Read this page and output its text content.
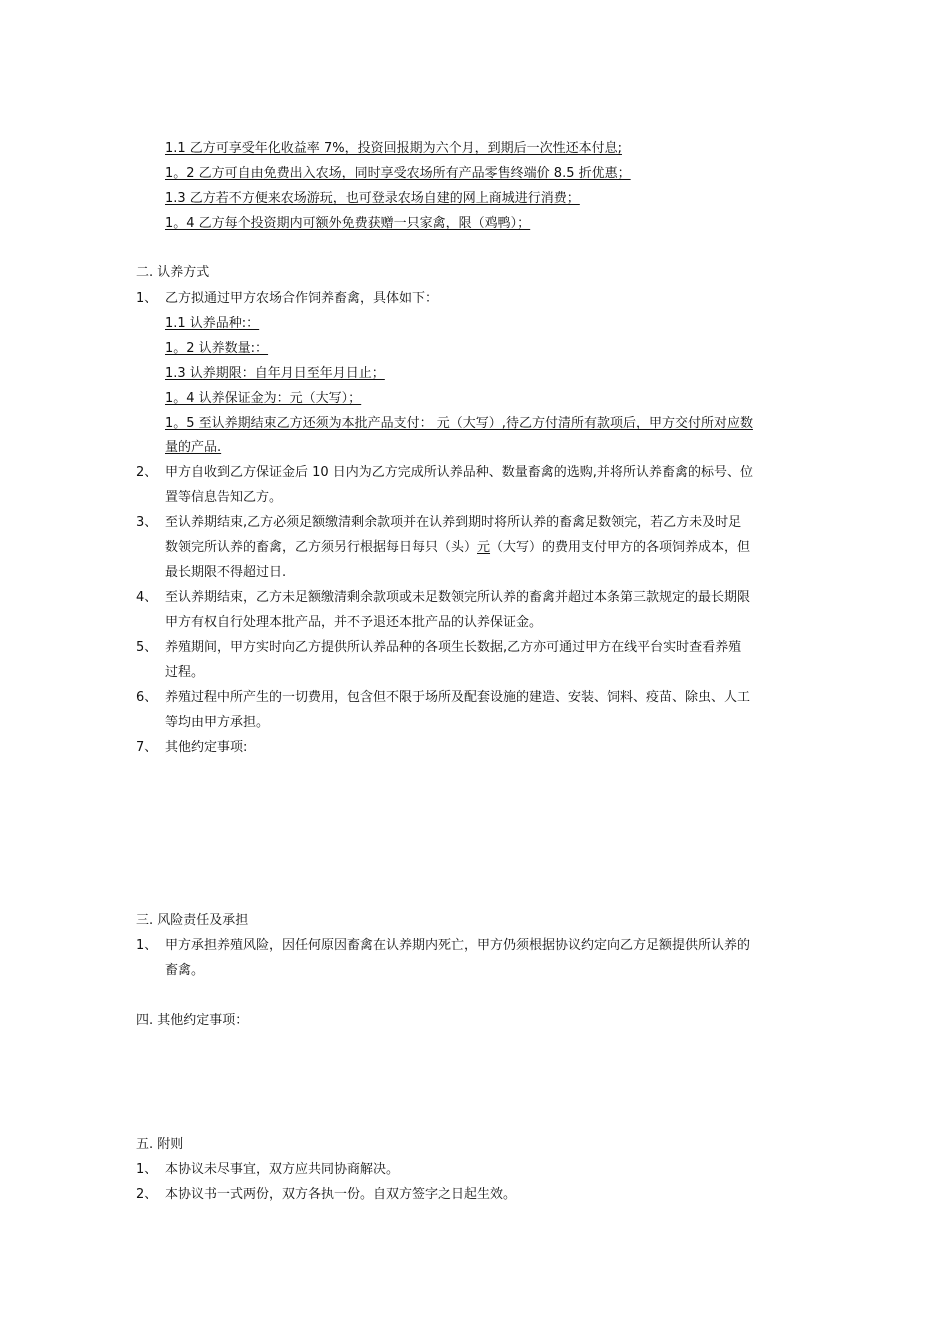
1.1 乙方可享受年化收益率 7%，投资回报期为六个月，到期后一次性还本付息;
1。2 乙方可自由免费出入农场，同时享受农场所有产品零售终端价 8.5 折优惠；
1.3 乙方若不方便来农场游玩，也可登录农场自建的网上商城进行消费；
1。4 乙方每个投资期内可额外免费获赠一只家禽，限（鸡鸭）；
二. 认养方式
1、 乙方拟通过甲方农场合作饲养畜禽，具体如下：
1.1 认养品种:：
1。2 认养数量:：
1.3 认养期限：自年月日至年月日止；
1。4 认养保证金为：元（大写）；
1。5 至认养期结束乙方还须为本批产品支付： 元（大写）,待乙方付清所有款项后，甲方交付所对应数
量的产品.
2、 甲方自收到乙方保证金后 10 日内为乙方完成所认养品种、数量畜禽的选购,并将所认养畜禽的标号、位
置等信息告知乙方。
3、 至认养期结束,乙方必须足额缴清剩余款项并在认养到期时将所认养的畜禽足数领完，若乙方未及时足
数领完所认养的畜禽，乙方须另行根据每日每只（头）元（大写）的费用支付甲方的各项饲养成本，但
最长期限不得超过日.
4、 至认养期结束，乙方未足额缴清剩余款项或未足数领完所认养的畜禽并超过本条第三款规定的最长期限
甲方有权自行处理本批产品，并不予退还本批产品的认养保证金。
5、 养殖期间，甲方实时向乙方提供所认养品种的各项生长数据,乙方亦可通过甲方在线平台实时查看养殖
过程。
6、 养殖过程中所产生的一切费用，包含但不限于场所及配套设施的建造、安装、饲料、疫苗、除虫、人工
等均由甲方承担。
7、 其他约定事项:
三. 风险责任及承担
1、 甲方承担养殖风险，因任何原因畜禽在认养期内死亡，甲方仍须根据协议约定向乙方足额提供所认养的
畜禽。
四. 其他约定事项：
五. 附则
1、 本协议未尽事宜，双方应共同协商解决。
2、 本协议书一式两份，双方各执一份。自双方签字之日起生效。
